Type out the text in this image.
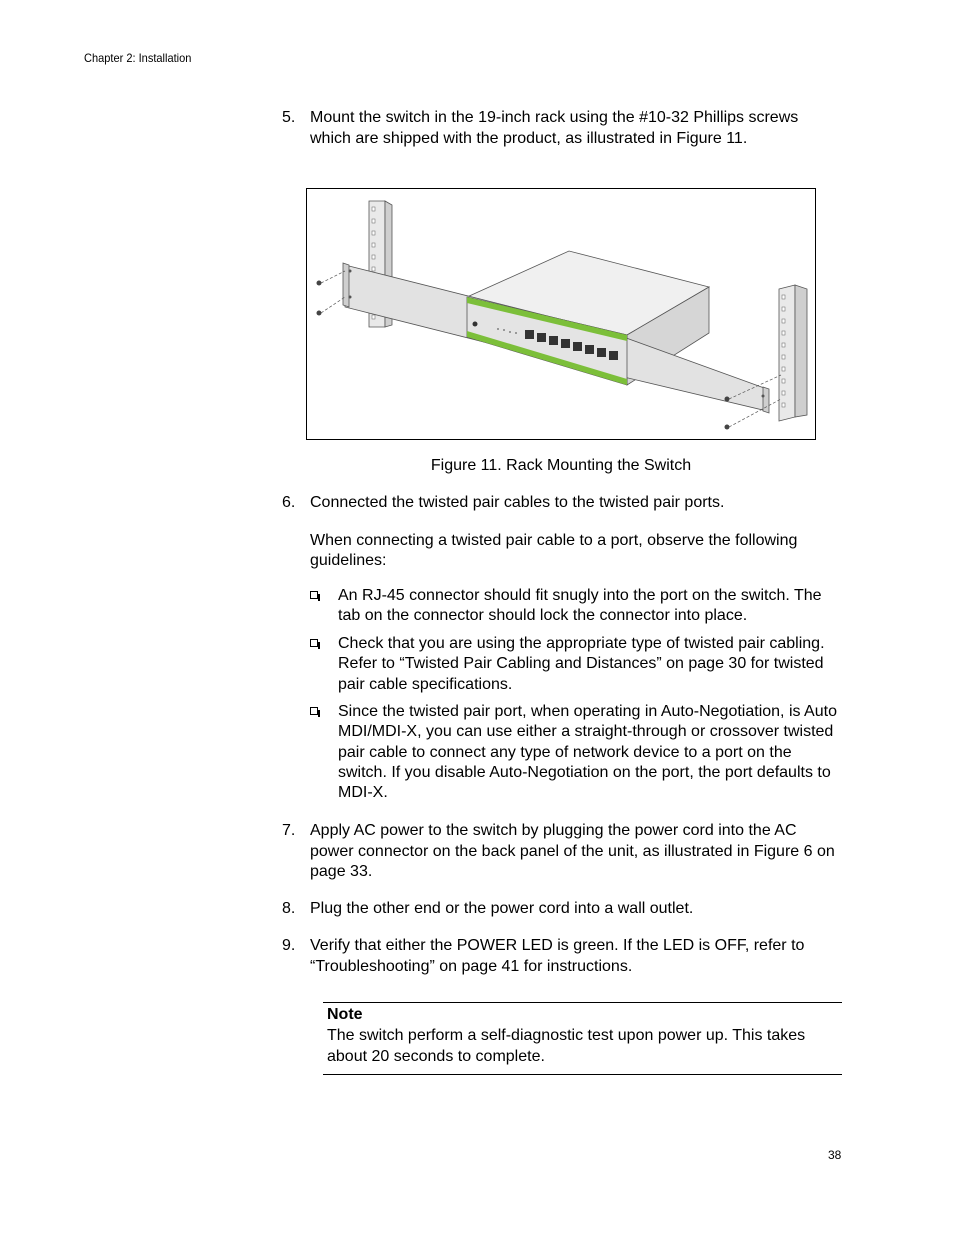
Chapter 2: Installation
5. Mount the switch in the 19-inch rack using the #10-32 Phillips screws which are shipped with the product, as illustrated in Figure 11.
Figure 11. Rack Mounting the Switch
6. Connected the twisted pair cables to the twisted pair ports.
When connecting a twisted pair cable to a port, observe the following guidelines:
An RJ-45 connector should fit snugly into the port on the switch. The tab on the connector should lock the connector into place.
Check that you are using the appropriate type of twisted pair cabling. Refer to “Twisted Pair Cabling and Distances” on page 30 for twisted pair cable specifications.
Since the twisted pair port, when operating in Auto-Negotiation, is Auto MDI/MDI-X, you can use either a straight-through or crossover twisted pair cable to connect any type of network device to a port on the switch. If you disable Auto-Negotiation on the port, the port defaults to MDI-X.
7. Apply AC power to the switch by plugging the power cord into the AC power connector on the back panel of the unit, as illustrated in Figure 6 on page 33.
8. Plug the other end or the power cord into a wall outlet.
9. Verify that either the POWER LED is green. If the LED is OFF, refer to “Troubleshooting” on page 41 for instructions.
Note
The switch perform a self-diagnostic test upon power up. This takes about 20 seconds to complete.
38
